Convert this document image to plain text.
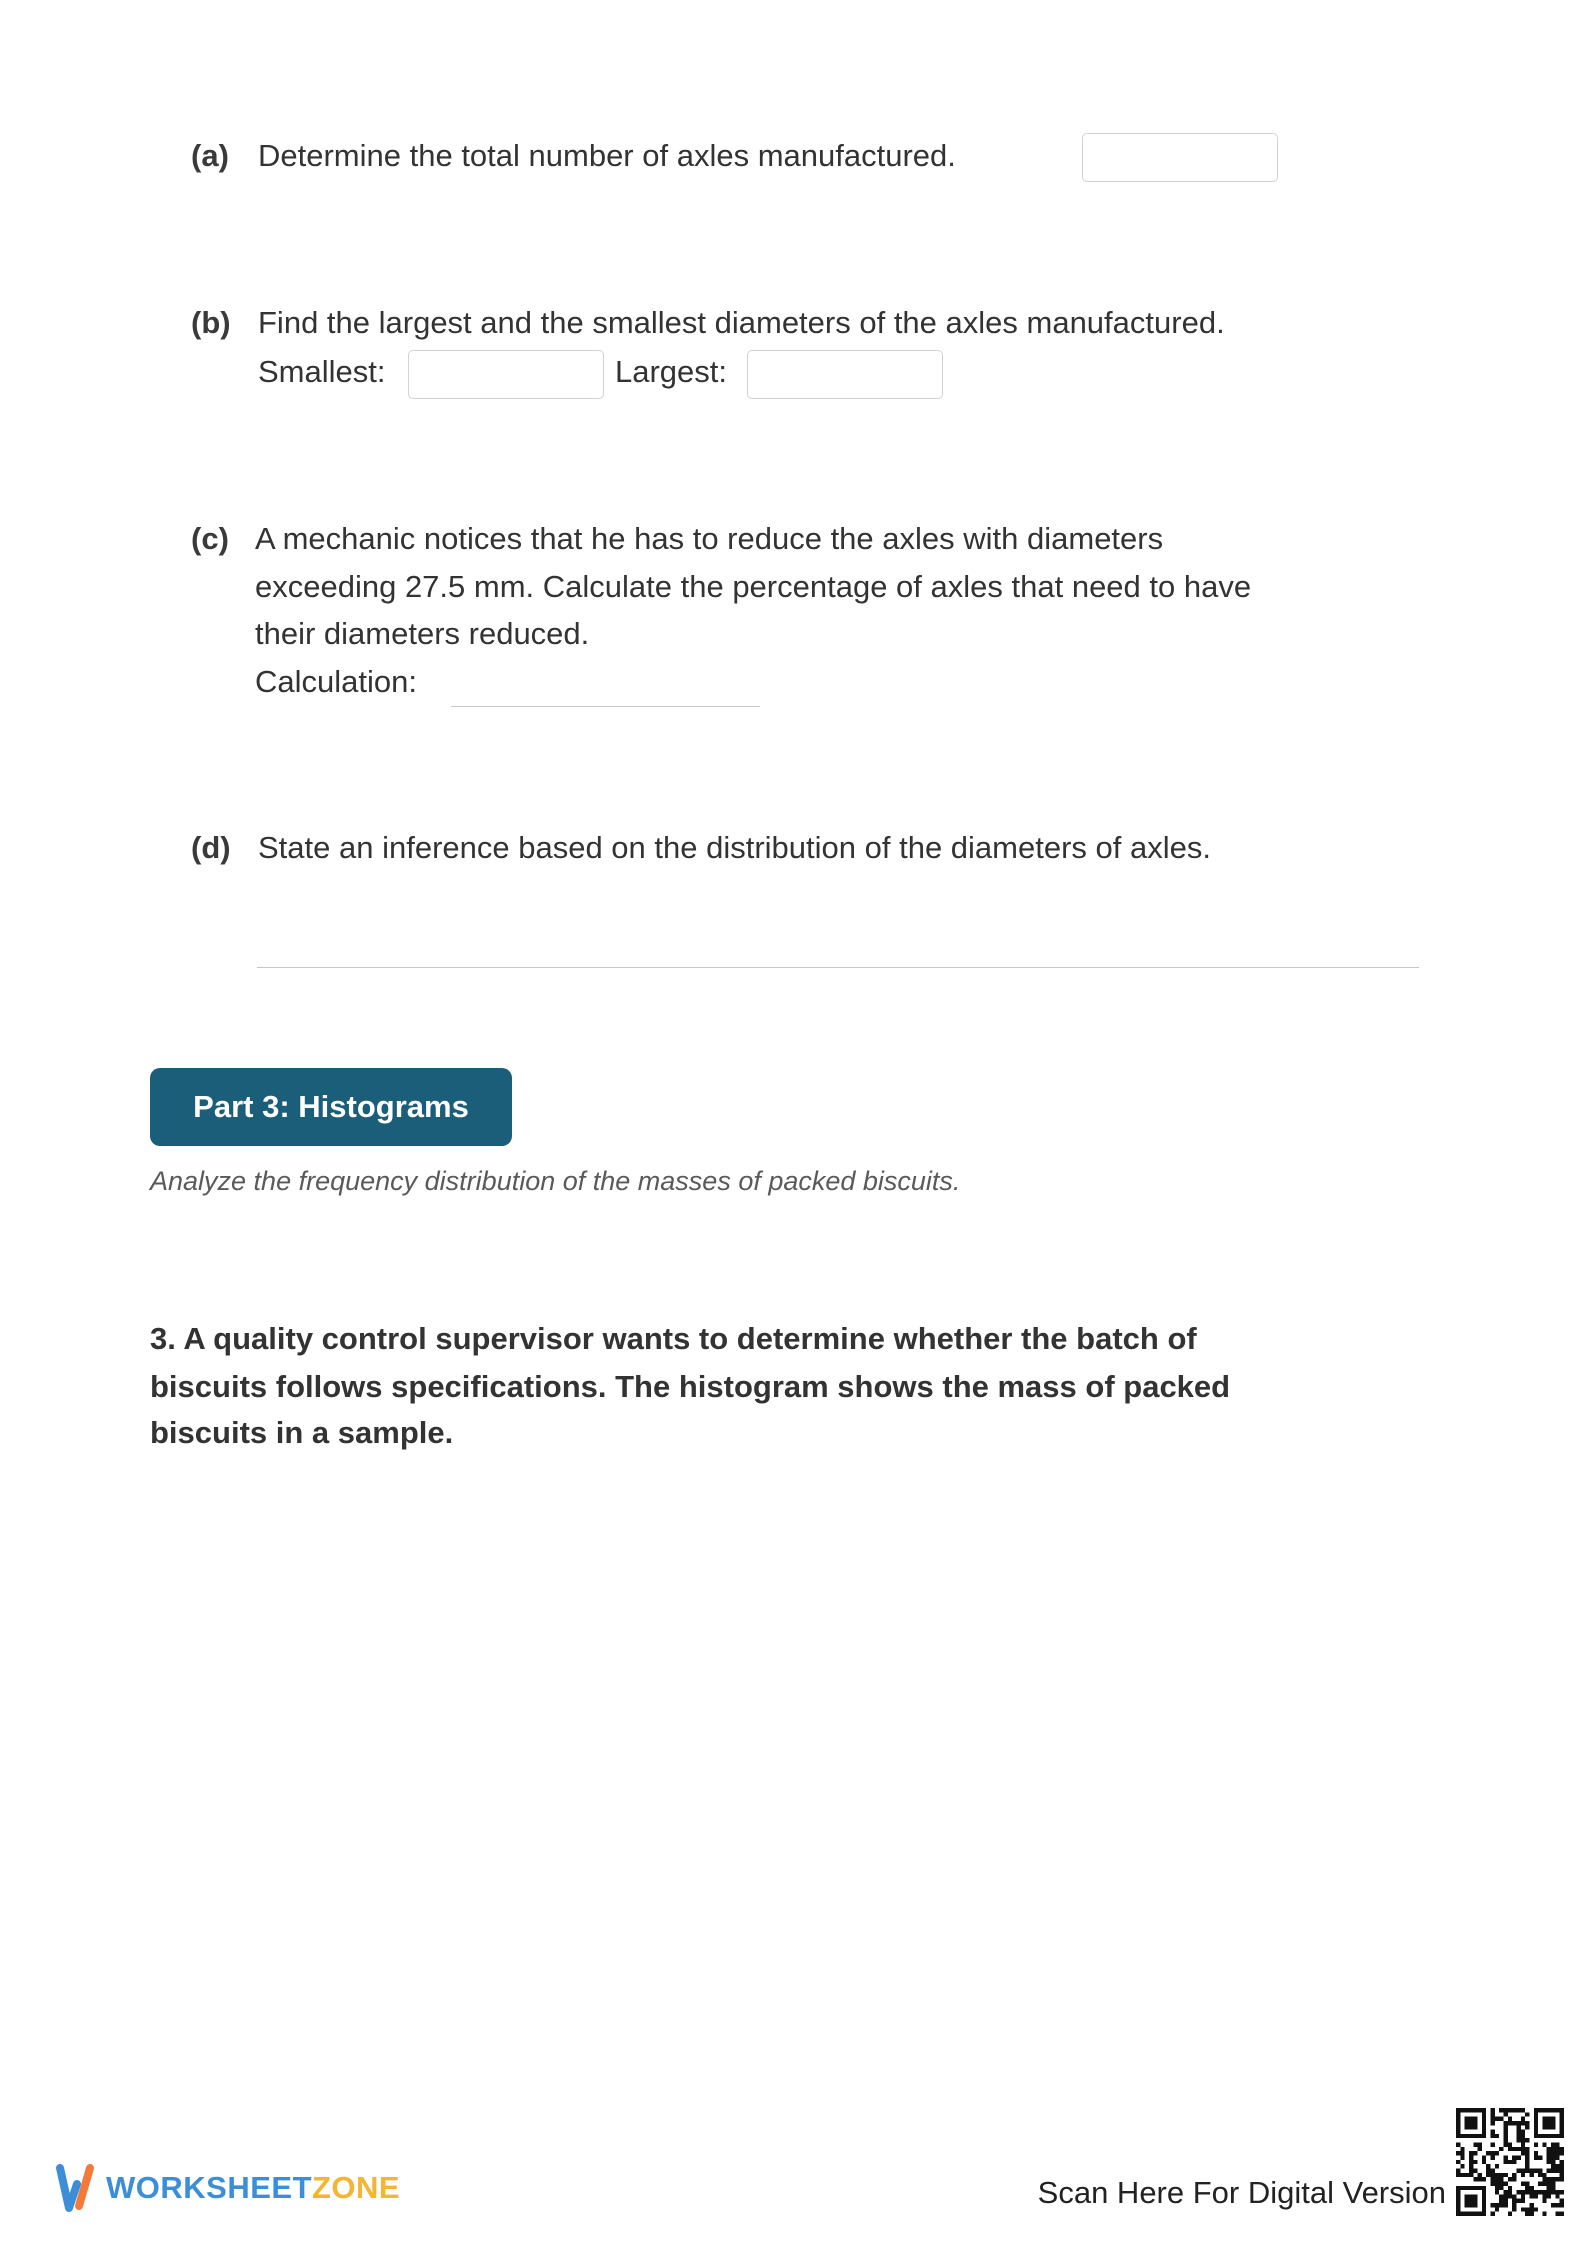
(a) Determine the total number of axles manufactured.
(b) Find the largest and the smallest diameters of the axles manufactured.
Smallest:	Largest:
(c) A mechanic notices that he has to reduce the axles with diameters
exceeding 27.5 mm. Calculate the percentage of axles that need to have
their diameters reduced.
Calculation:
(d) State an inference based on the distribution of the diameters of axles.
Part 3: Histograms
Analyze the frequency distribution of the masses of packed biscuits.
3. A quality control supervisor wants to determine whether the batch of
biscuits follows specifications. The histogram shows the mass of packed
biscuits in a sample.
WORKSHEETZONE	Scan Here For Digital Version
